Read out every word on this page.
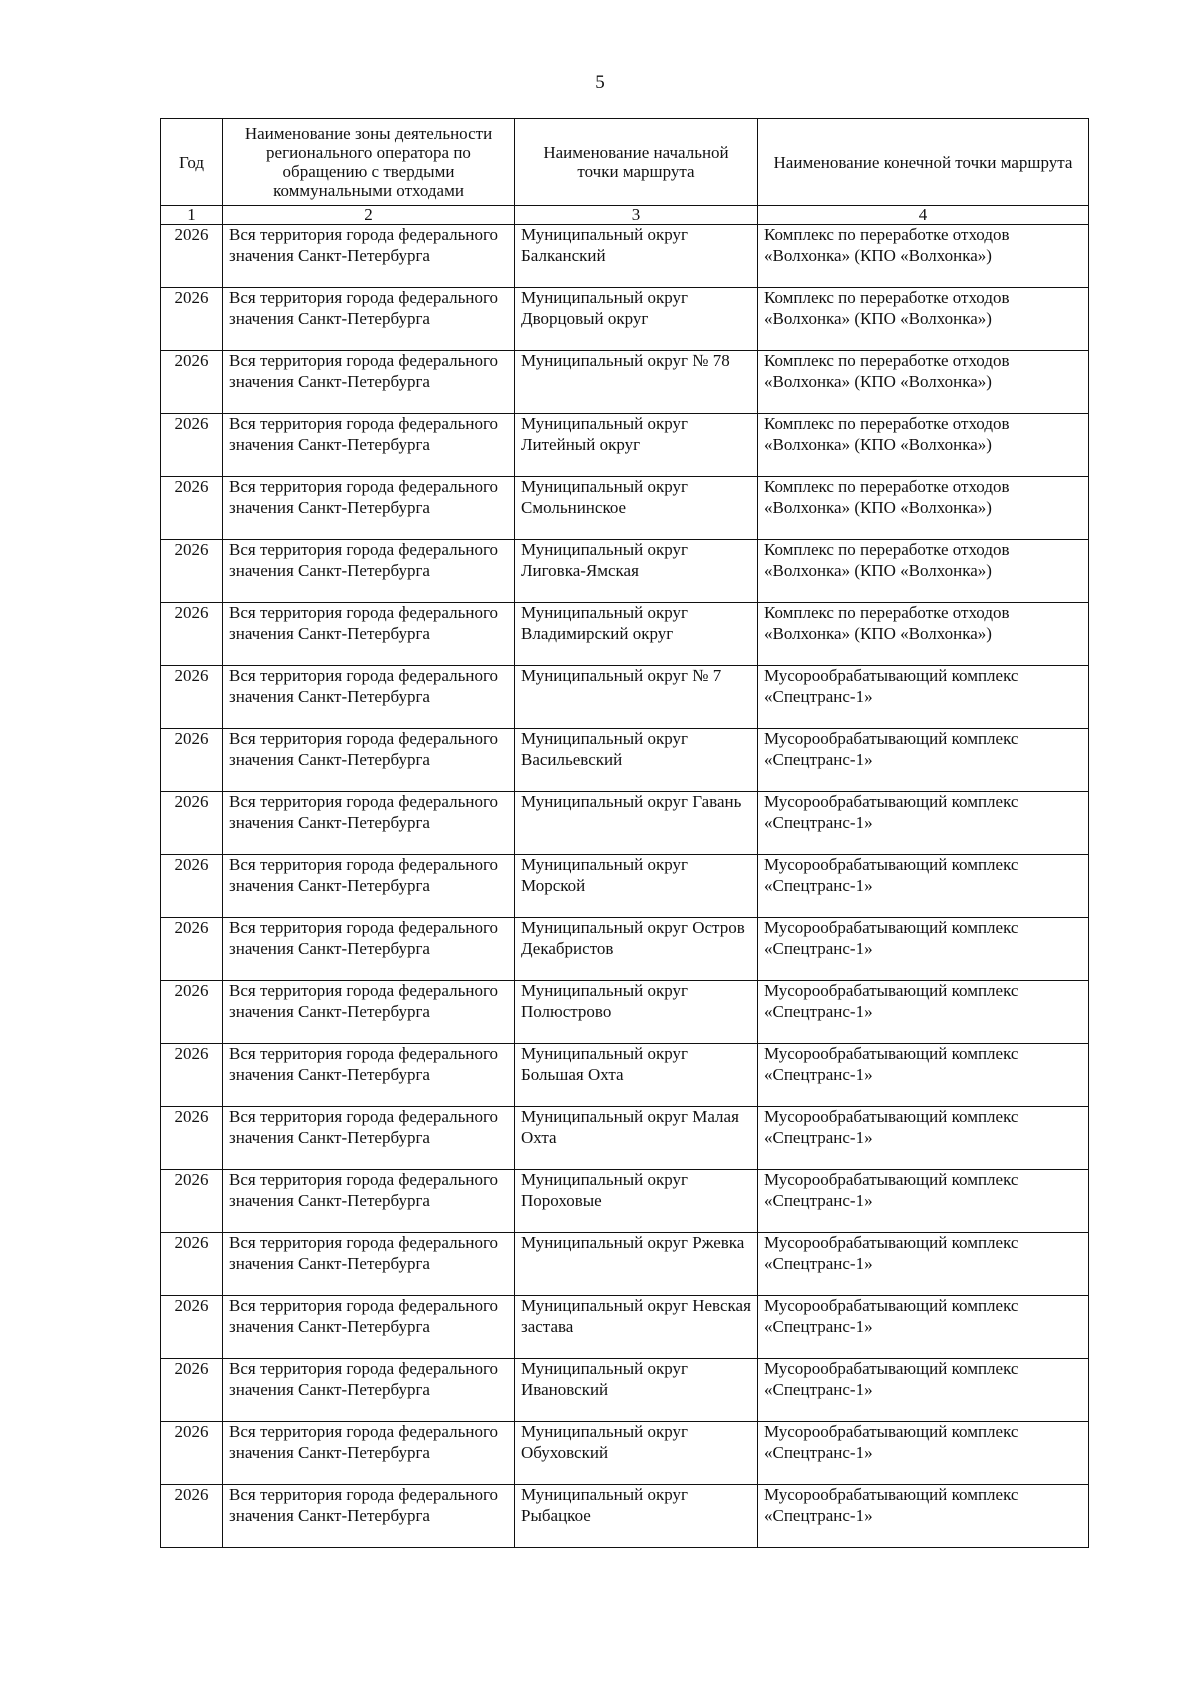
5
Год	Наименование зоны деятельности регионального оператора по обращению с твердыми коммунальными отходами	Наименование начальной точки маршрута	Наименование конечной точки маршрута
1	2	3	4
2026	Вся территория города федерального значения Санкт-Петербурга	Муниципальный округ Балканский	Комплекс по переработке отходов «Волхонка» (КПО «Волхонка»)
2026	Вся территория города федерального значения Санкт-Петербурга	Муниципальный округ Дворцовый округ	Комплекс по переработке отходов «Волхонка» (КПО «Волхонка»)
2026	Вся территория города федерального значения Санкт-Петербурга	Муниципальный округ № 78	Комплекс по переработке отходов «Волхонка» (КПО «Волхонка»)
2026	Вся территория города федерального значения Санкт-Петербурга	Муниципальный округ Литейный округ	Комплекс по переработке отходов «Волхонка» (КПО «Волхонка»)
2026	Вся территория города федерального значения Санкт-Петербурга	Муниципальный округ Смольнинское	Комплекс по переработке отходов «Волхонка» (КПО «Волхонка»)
2026	Вся территория города федерального значения Санкт-Петербурга	Муниципальный округ Лиговка-Ямская	Комплекс по переработке отходов «Волхонка» (КПО «Волхонка»)
2026	Вся территория города федерального значения Санкт-Петербурга	Муниципальный округ Владимирский округ	Комплекс по переработке отходов «Волхонка» (КПО «Волхонка»)
2026	Вся территория города федерального значения Санкт-Петербурга	Муниципальный округ № 7	Мусорообрабатывающий комплекс «Спецтранс-1»
2026	Вся территория города федерального значения Санкт-Петербурга	Муниципальный округ Васильевский	Мусорообрабатывающий комплекс «Спецтранс-1»
2026	Вся территория города федерального значения Санкт-Петербурга	Муниципальный округ Гавань	Мусорообрабатывающий комплекс «Спецтранс-1»
2026	Вся территория города федерального значения Санкт-Петербурга	Муниципальный округ Морской	Мусорообрабатывающий комплекс «Спецтранс-1»
2026	Вся территория города федерального значения Санкт-Петербурга	Муниципальный округ Остров Декабристов	Мусорообрабатывающий комплекс «Спецтранс-1»
2026	Вся территория города федерального значения Санкт-Петербурга	Муниципальный округ Полюстрово	Мусорообрабатывающий комплекс «Спецтранс-1»
2026	Вся территория города федерального значения Санкт-Петербурга	Муниципальный округ Большая Охта	Мусорообрабатывающий комплекс «Спецтранс-1»
2026	Вся территория города федерального значения Санкт-Петербурга	Муниципальный округ Малая Охта	Мусорообрабатывающий комплекс «Спецтранс-1»
2026	Вся территория города федерального значения Санкт-Петербурга	Муниципальный округ Пороховые	Мусорообрабатывающий комплекс «Спецтранс-1»
2026	Вся территория города федерального значения Санкт-Петербурга	Муниципальный округ Ржевка	Мусорообрабатывающий комплекс «Спецтранс-1»
2026	Вся территория города федерального значения Санкт-Петербурга	Муниципальный округ Невская застава	Мусорообрабатывающий комплекс «Спецтранс-1»
2026	Вся территория города федерального значения Санкт-Петербурга	Муниципальный округ Ивановский	Мусорообрабатывающий комплекс «Спецтранс-1»
2026	Вся территория города федерального значения Санкт-Петербурга	Муниципальный округ Обуховский	Мусорообрабатывающий комплекс «Спецтранс-1»
2026	Вся территория города федерального значения Санкт-Петербурга	Муниципальный округ Рыбацкое	Мусорообрабатывающий комплекс «Спецтранс-1»
